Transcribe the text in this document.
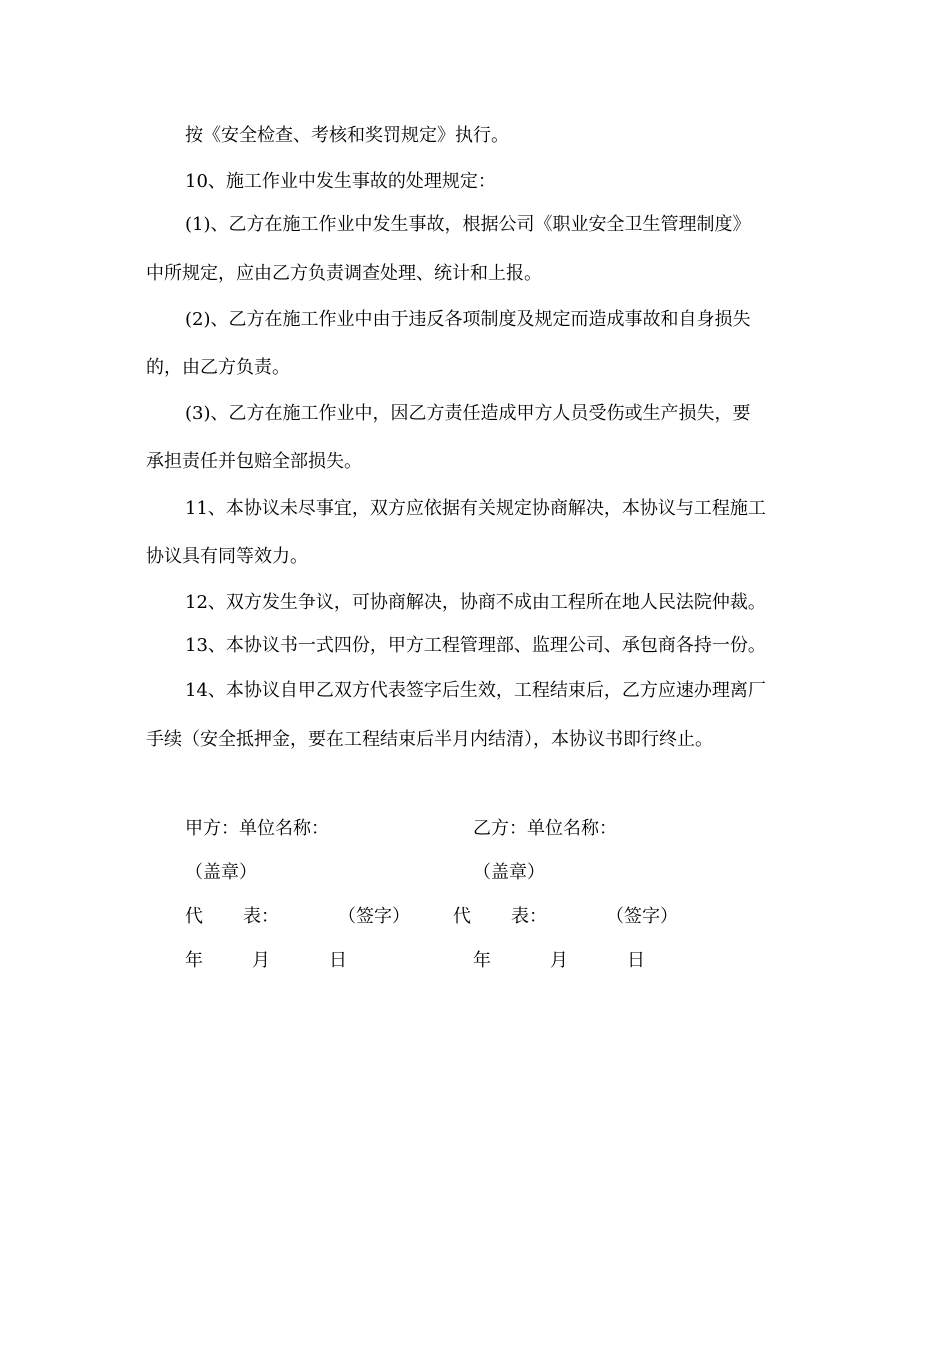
按《安全检查、考核和奖罚规定》执行。
10、施工作业中发生事故的处理规定：
(1)、乙方在施工作业中发生事故，根据公司《职业安全卫生管理制度》
中所规定，应由乙方负责调查处理、统计和上报。
(2)、乙方在施工作业中由于违反各项制度及规定而造成事故和自身损失
的，由乙方负责。
(3)、乙方在施工作业中，因乙方责任造成甲方人员受伤或生产损失，要
承担责任并包赔全部损失。
11、本协议未尽事宜，双方应依据有关规定协商解决，本协议与工程施工
协议具有同等效力。
12、双方发生争议，可协商解决，协商不成由工程所在地人民法院仲裁。
13、本协议书一式四份，甲方工程管理部、监理公司、承包商各持一份。
14、本协议自甲乙双方代表签字后生效，工程结束后，乙方应速办理离厂
手续（安全抵押金，要在工程结束后半月内结清），本协议书即行终止。
甲方：单位名称：
（盖章）
代 表：	（签字）
年	月	日
乙方：单位名称：
（盖章）
代 表：	（签字）
年	月	日
